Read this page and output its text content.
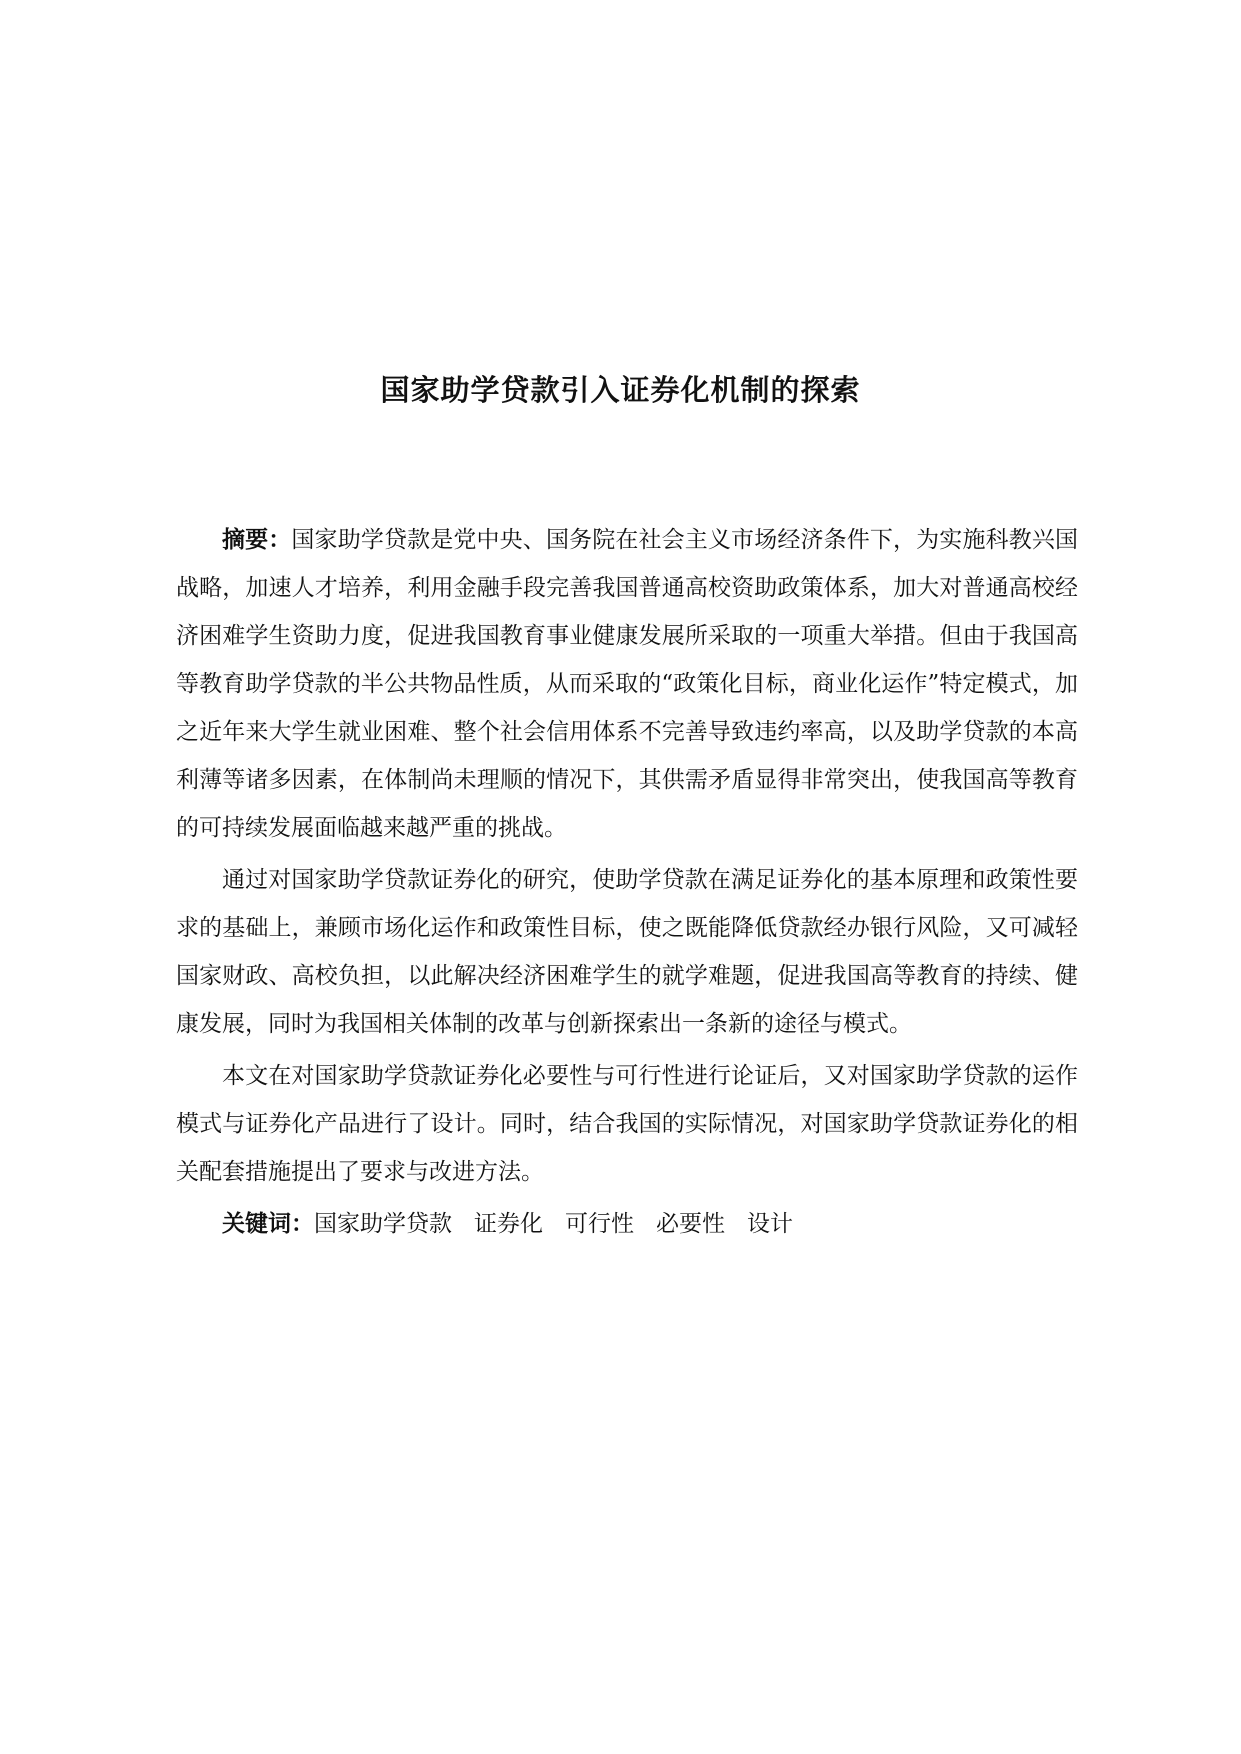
国家助学贷款引入证券化机制的探索

摘要：国家助学贷款是党中央、国务院在社会主义市场经济条件下，为实施科教兴国战略，加速人才培养，利用金融手段完善我国普通高校资助政策体系，加大对普通高校经济困难学生资助力度，促进我国教育事业健康发展所采取的一项重大举措。但由于我国高等教育助学贷款的半公共物品性质，从而采取的“政策化目标，商业化运作”特定模式，加之近年来大学生就业困难、整个社会信用体系不完善导致违约率高，以及助学贷款的本高利薄等诸多因素，在体制尚未理顺的情况下，其供需矛盾显得非常突出，使我国高等教育的可持续发展面临越来越严重的挑战。

通过对国家助学贷款证券化的研究，使助学贷款在满足证券化的基本原理和政策性要求的基础上，兼顾市场化运作和政策性目标，使之既能降低贷款经办银行风险，又可减轻国家财政、高校负担，以此解决经济困难学生的就学难题，促进我国高等教育的持续、健康发展，同时为我国相关体制的改革与创新探索出一条新的途径与模式。

本文在对国家助学贷款证券化必要性与可行性进行论证后，又对国家助学贷款的运作模式与证券化产品进行了设计。同时，结合我国的实际情况，对国家助学贷款证券化的相关配套措施提出了要求与改进方法。

关键词：国家助学贷款 证券化 可行性 必要性 设计
